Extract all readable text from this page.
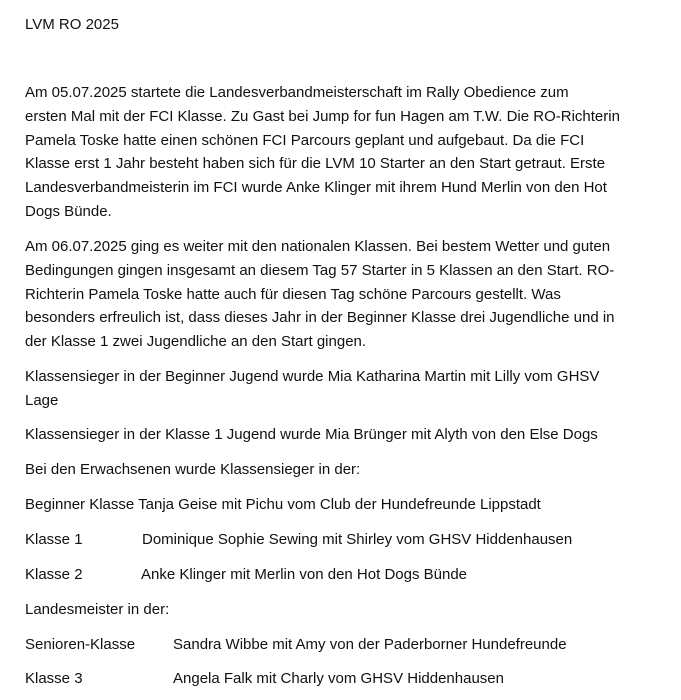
LVM RO 2025

Am 05.07.2025 startete die Landesverbandmeisterschaft im Rally Obedience zum
ersten Mal mit der FCI Klasse. Zu Gast bei Jump for fun Hagen am T.W. Die RO-Richterin
Pamela Toske hatte einen schönen FCI Parcours geplant und aufgebaut. Da die FCI
Klasse erst 1 Jahr besteht haben sich für die LVM 10 Starter an den Start getraut. Erste
Landesverbandmeisterin im FCI wurde Anke Klinger mit ihrem Hund Merlin von den Hot
Dogs Bünde.

Am 06.07.2025 ging es weiter mit den nationalen Klassen. Bei bestem Wetter und guten
Bedingungen gingen insgesamt an diesem Tag 57 Starter in 5 Klassen an den Start. RO-
Richterin Pamela Toske hatte auch für diesen Tag schöne Parcours gestellt. Was
besonders erfreulich ist, dass dieses Jahr in der Beginner Klasse drei Jugendliche und in
der Klasse 1 zwei Jugendliche an den Start gingen.

Klassensieger in der Beginner Jugend wurde Mia Katharina Martin mit Lilly vom GHSV
Lage

Klassensieger in der Klasse 1 Jugend wurde Mia Brünger mit Alyth von den Else Dogs

Bei den Erwachsenen wurde Klassensieger in der:

Beginner Klasse Tanja Geise mit Pichu vom Club der Hundefreunde Lippstadt

Klasse 1	Dominique Sophie Sewing mit Shirley vom GHSV Hiddenhausen

Klasse 2	Anke Klinger mit Merlin von den Hot Dogs Bünde

Landesmeister in der:

Senioren-Klasse	Sandra Wibbe mit Amy von der Paderborner Hundefreunde

Klasse 3	Angela Falk mit Charly vom GHSV Hiddenhausen
